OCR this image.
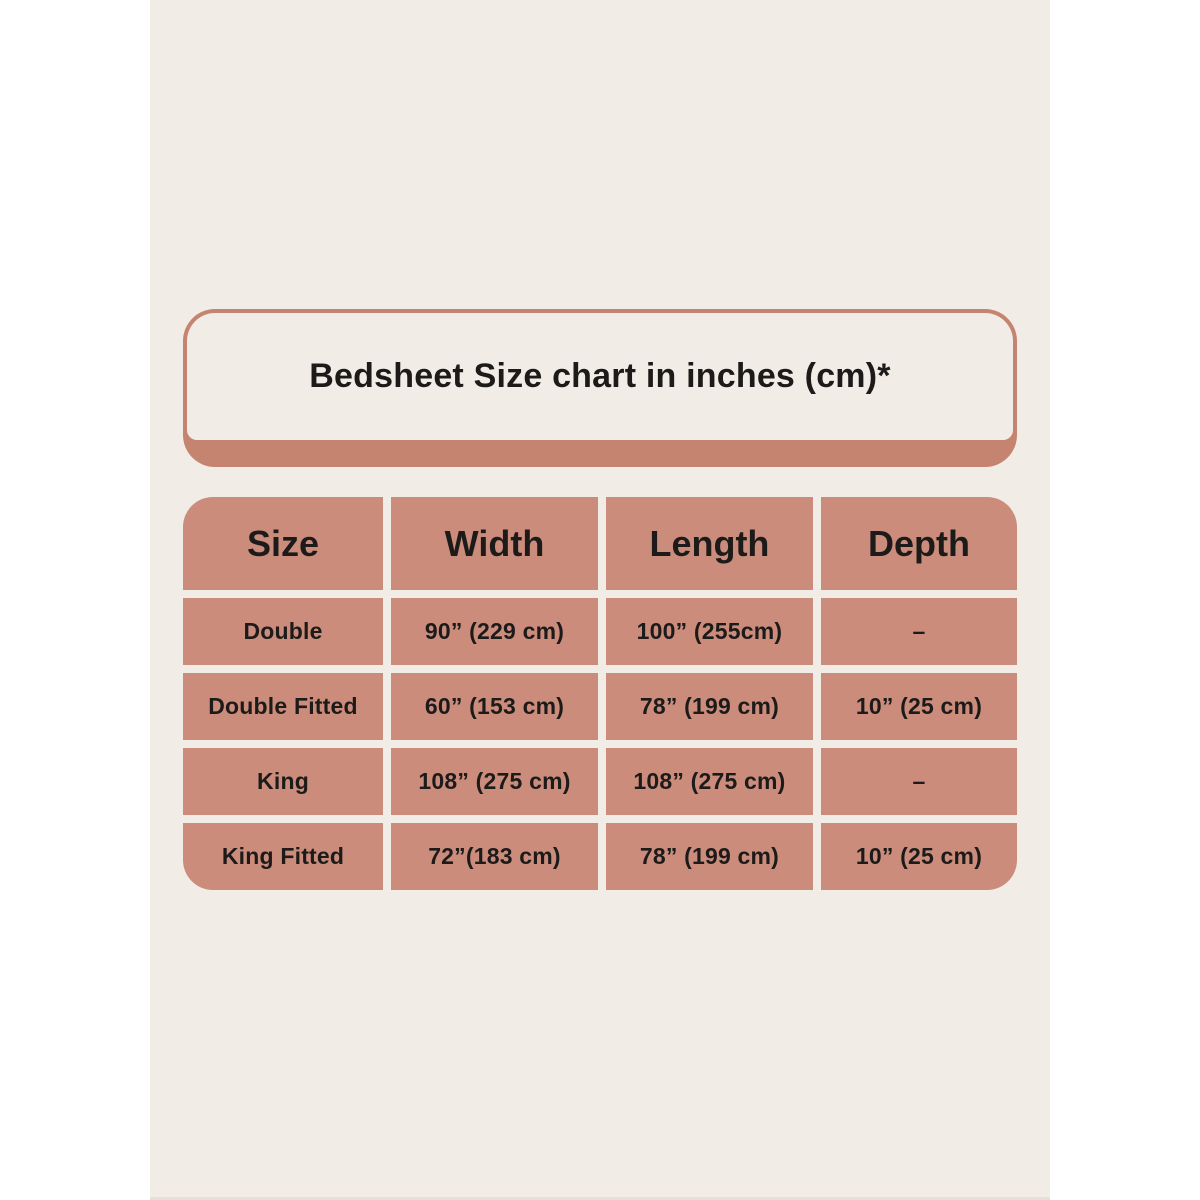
Bedsheet Size chart in inches (cm)*
Size	Width	Length	Depth
Double	90” (229 cm)	100” (255cm)	–
Double Fitted	60” (153 cm)	78” (199 cm)	10” (25 cm)
King	108” (275 cm)	108” (275 cm)	–
King Fitted	72”(183 cm)	78” (199 cm)	10” (25 cm)
